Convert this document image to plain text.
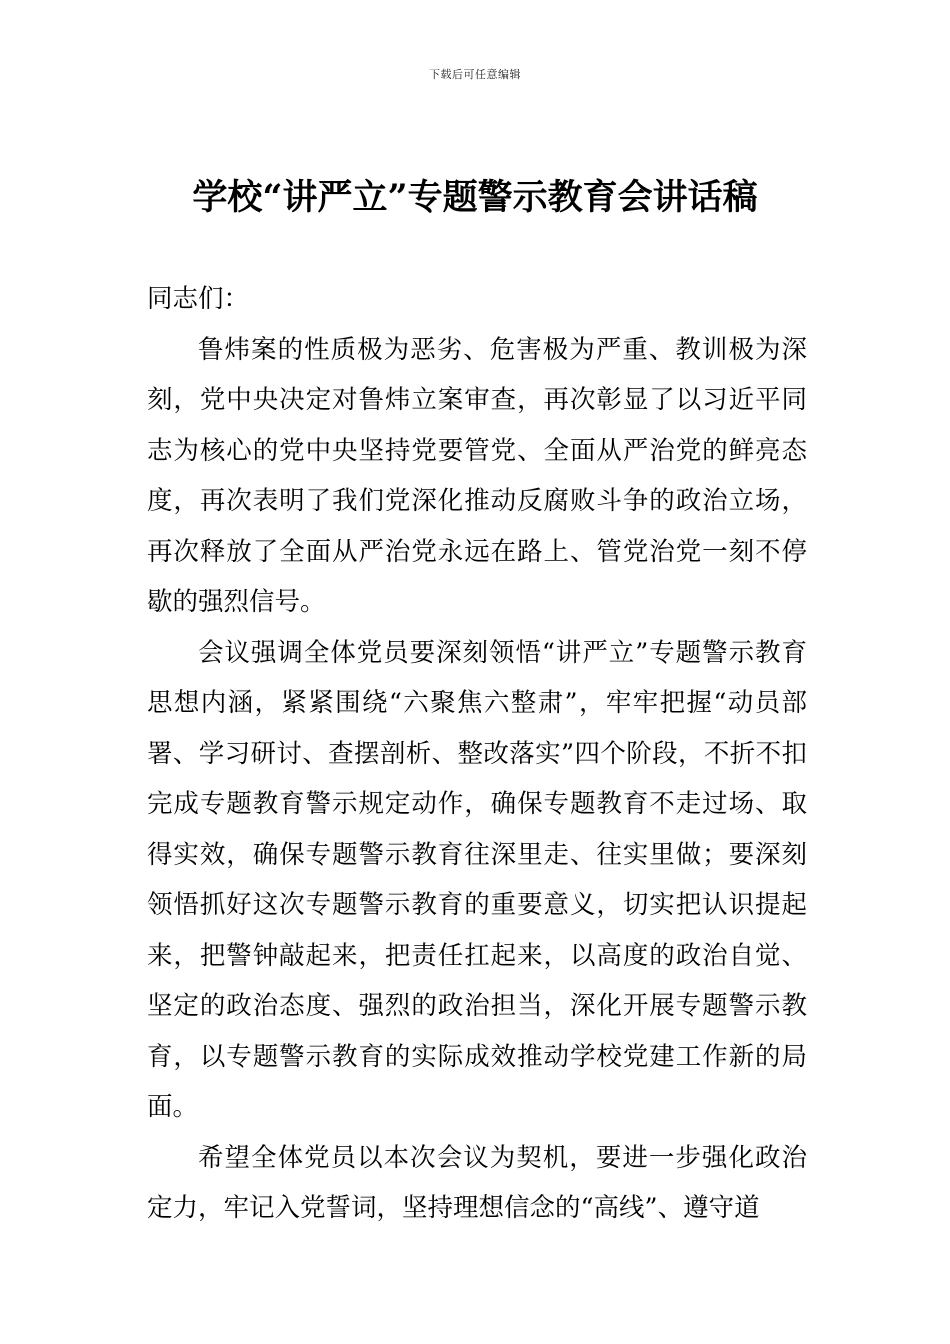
下载后可任意编辑
学校“讲严立”专题警示教育会讲话稿

同志们：

鲁炜案的性质极为恶劣、危害极为严重、教训极为深刻，党中央决定对鲁炜立案审查，再次彰显了以习近平同志为核心的党中央坚持党要管党、全面从严治党的鲜亮态度，再次表明了我们党深化推动反腐败斗争的政治立场，再次释放了全面从严治党永远在路上、管党治党一刻不停歇的强烈信号。

会议强调全体党员要深刻领悟“讲严立”专题警示教育思想内涵，紧紧围绕“六聚焦六整肃”，牢牢把握“动员部署、学习研讨、查摆剖析、整改落实”四个阶段，不折不扣完成专题教育警示规定动作，确保专题教育不走过场、取得实效，确保专题警示教育往深里走、往实里做；要深刻领悟抓好这次专题警示教育的重要意义，切实把认识提起来，把警钟敲起来，把责任扛起来，以高度的政治自觉、坚定的政治态度、强烈的政治担当，深化开展专题警示教育，以专题警示教育的实际成效推动学校党建工作新的局面。

希望全体党员以本次会议为契机，要进一步强化政治定力，牢记入党誓词，坚持理想信念的“高线”、遵守道
